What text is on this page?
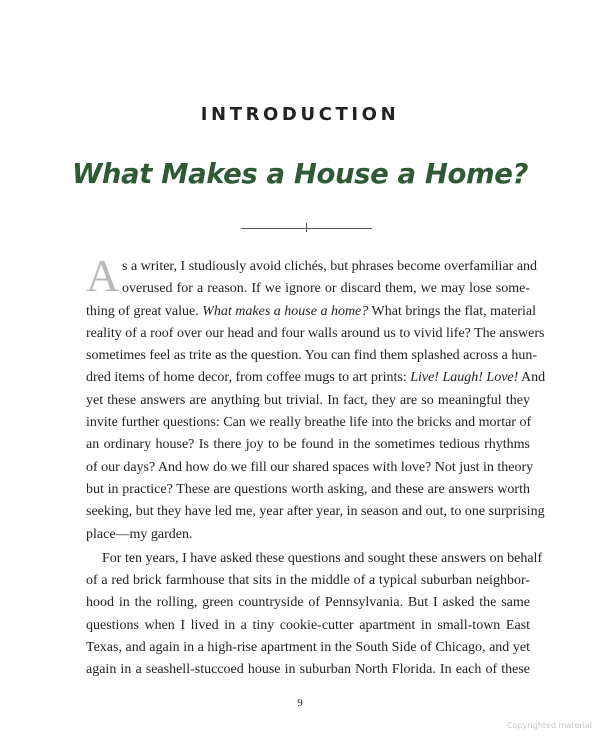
INTRODUCTION
What Makes a House a Home?
A s a writer, I studiously avoid clichés, but phrases become overfamiliar and
overused for a reason. If we ignore or discard them, we may lose some-
thing of great value. What makes a house a home? What brings the flat, material
reality of a roof over our head and four walls around us to vivid life? The answers
sometimes feel as trite as the question. You can find them splashed across a hun-
dred items of home decor, from coffee mugs to art prints: Live! Laugh! Love! And
yet these answers are anything but trivial. In fact, they are so meaningful they
invite further questions: Can we really breathe life into the bricks and mortar of
an ordinary house? Is there joy to be found in the sometimes tedious rhythms
of our days? And how do we fill our shared spaces with love? Not just in theory
but in practice? These are questions worth asking, and these are answers worth
seeking, but they have led me, year after year, in season and out, to one surprising
place—my garden.
For ten years, I have asked these questions and sought these answers on behalf
of a red brick farmhouse that sits in the middle of a typical suburban neighbor-
hood in the rolling, green countryside of Pennsylvania. But I asked the same
questions when I lived in a tiny cookie-cutter apartment in small-town East
Texas, and again in a high-rise apartment in the South Side of Chicago, and yet
again in a seashell-stuccoed house in suburban North Florida. In each of these
9
Copyrighted material
